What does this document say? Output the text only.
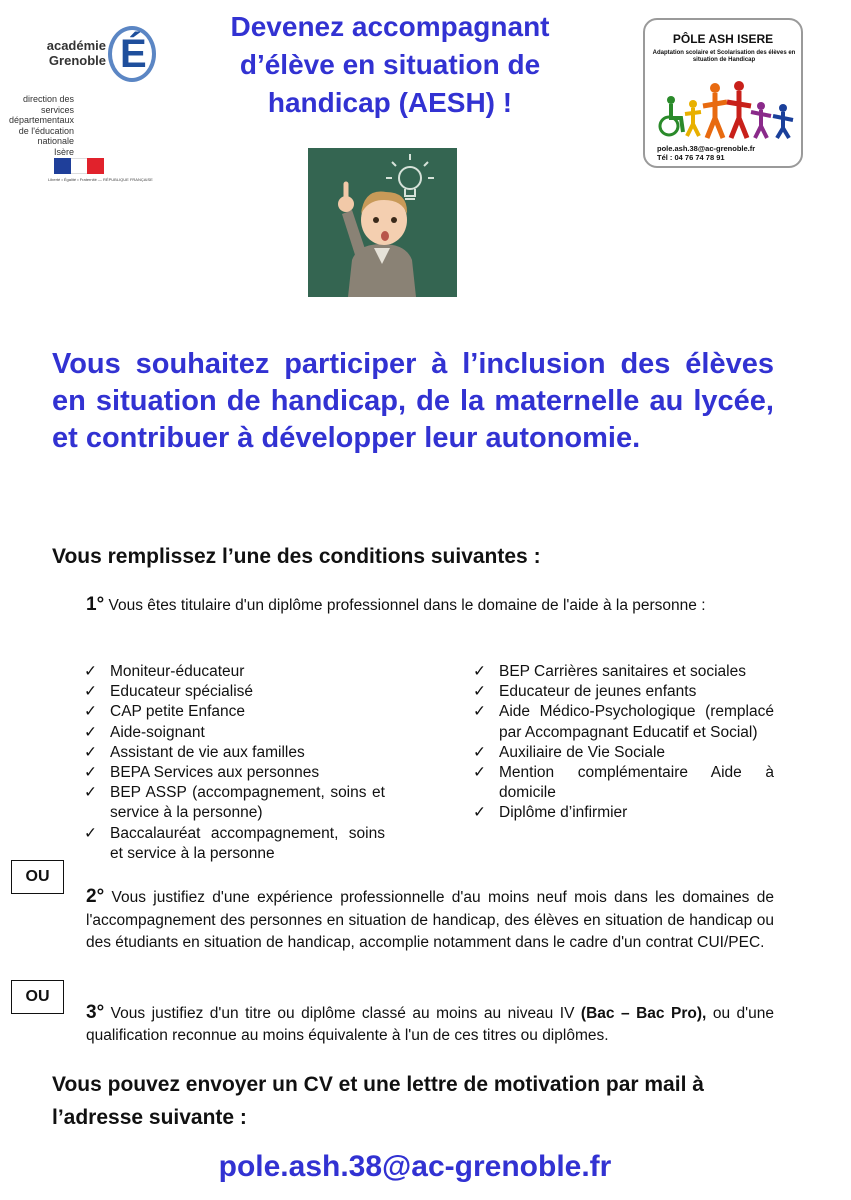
académie
Grenoble É
direction des services
départementaux
de l'éducation nationale
Isère
Liberté • Égalité • Fraternité — RÉPUBLIQUE FRANÇAISE
Devenez accompagnant
d’élève en situation de
handicap (AESH) !
PÔLE ASH ISERE
Adaptation scolaire et Scolarisation des élèves en situation de Handicap
pole.ash.38@ac-grenoble.fr
Tél : 04 76 74 78 91
Vous souhaitez participer à l’inclusion des élèves en situation de handicap, de la maternelle au lycée, et contribuer à développer leur autonomie.
Vous remplissez l’une des conditions suivantes :
1° Vous êtes titulaire d'un diplôme professionnel dans le domaine de l'aide à la personne :
✓ Moniteur-éducateur
✓ Educateur spécialisé
✓ CAP petite Enfance
✓ Aide-soignant
✓ Assistant de vie aux familles
✓ BEPA Services aux personnes
✓ BEP ASSP (accompagnement, soins et service à la personne)
✓ Baccalauréat accompagnement, soins et service à la personne
✓ BEP Carrières sanitaires et sociales
✓ Educateur de jeunes enfants
✓ Aide Médico-Psychologique (remplacé par Accompagnant Educatif et Social)
✓ Auxiliaire de Vie Sociale
✓ Mention complémentaire Aide à domicile
✓ Diplôme d’infirmier
OU
2° Vous justifiez d'une expérience professionnelle d'au moins neuf mois dans les domaines de l'accompagnement des personnes en situation de handicap, des élèves en situation de handicap ou des étudiants en situation de handicap, accomplie notamment dans le cadre d'un contrat CUI/PEC.
OU
3° Vous justifiez d'un titre ou diplôme classé au moins au niveau IV (Bac – Bac Pro), ou d'une qualification reconnue au moins équivalente à l'un de ces titres ou diplômes.
Vous pouvez envoyer un CV et une lettre de motivation par mail à l’adresse suivante :
pole.ash.38@ac-grenoble.fr
